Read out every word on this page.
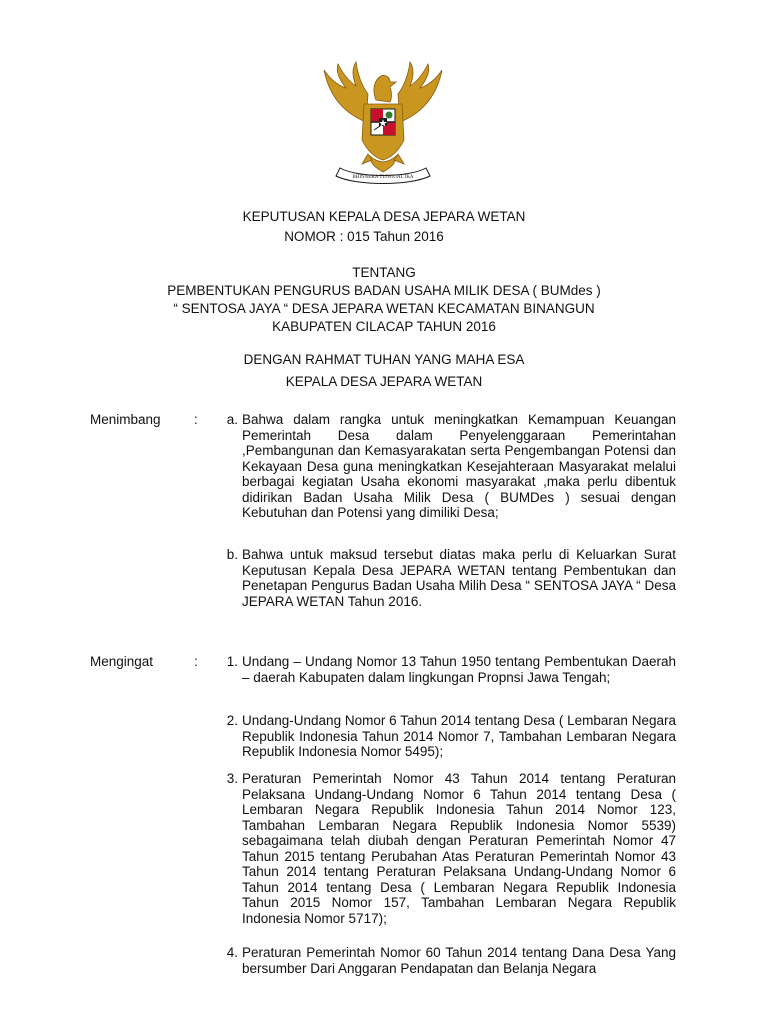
BHINNEKA TUNGGAL IKA
KEPUTUSAN KEPALA DESA JEPARA WETAN
NOMOR : 015 Tahun 2016
TENTANG
PEMBENTUKAN PENGURUS BADAN USAHA MILIK DESA ( BUMdes )
“ SENTOSA JAYA “ DESA JEPARA WETAN KECAMATAN BINANGUN
KABUPATEN CILACAP TAHUN 2016
DENGAN RAHMAT TUHAN YANG MAHA ESA
KEPALA DESA JEPARA WETAN
Menimbang :	a. Bahwa dalam rangka untuk meningkatkan Kemampuan Keuangan Pemerintah Desa dalam Penyelenggaraan Pemerintahan ,Pembangunan dan Kemasyarakatan serta Pengembangan Potensi dan Kekayaan Desa guna meningkatkan Kesejahteraan Masyarakat melalui berbagai kegiatan Usaha ekonomi masyarakat ,maka perlu dibentuk didirikan Badan Usaha Milik Desa ( BUMDes ) sesuai dengan Kebutuhan dan Potensi yang dimiliki Desa;
b. Bahwa untuk maksud tersebut diatas maka perlu di Keluarkan Surat Keputusan Kepala Desa JEPARA WETAN tentang Pembentukan dan Penetapan Pengurus Badan Usaha Milih Desa “ SENTOSA JAYA “ Desa JEPARA WETAN Tahun 2016.
Mengingat	:	1. Undang – Undang Nomor 13 Tahun 1950 tentang Pembentukan Daerah – daerah Kabupaten dalam lingkungan Propnsi Jawa Tengah;
2. Undang-Undang Nomor 6 Tahun 2014 tentang Desa ( Lembaran Negara Republik Indonesia Tahun 2014 Nomor 7, Tambahan Lembaran Negara Republik Indonesia Nomor 5495);
3. Peraturan Pemerintah Nomor 43 Tahun 2014 tentang Peraturan Pelaksana Undang-Undang Nomor 6 Tahun 2014 tentang Desa ( Lembaran Negara Republik Indonesia Tahun 2014 Nomor 123, Tambahan Lembaran Negara Republik Indonesia Nomor 5539) sebagaimana telah diubah dengan Peraturan Pemerintah Nomor 47 Tahun 2015 tentang Perubahan Atas Peraturan Pemerintah Nomor 43 Tahun 2014 tentang Peraturan Pelaksana Undang-Undang Nomor 6 Tahun 2014 tentang Desa ( Lembaran Negara Republik Indonesia Tahun 2015 Nomor 157, Tambahan Lembaran Negara Republik Indonesia Nomor 5717);
4. Peraturan Pemerintah Nomor 60 Tahun 2014 tentang Dana Desa Yang bersumber Dari Anggaran Pendapatan dan Belanja Negara
